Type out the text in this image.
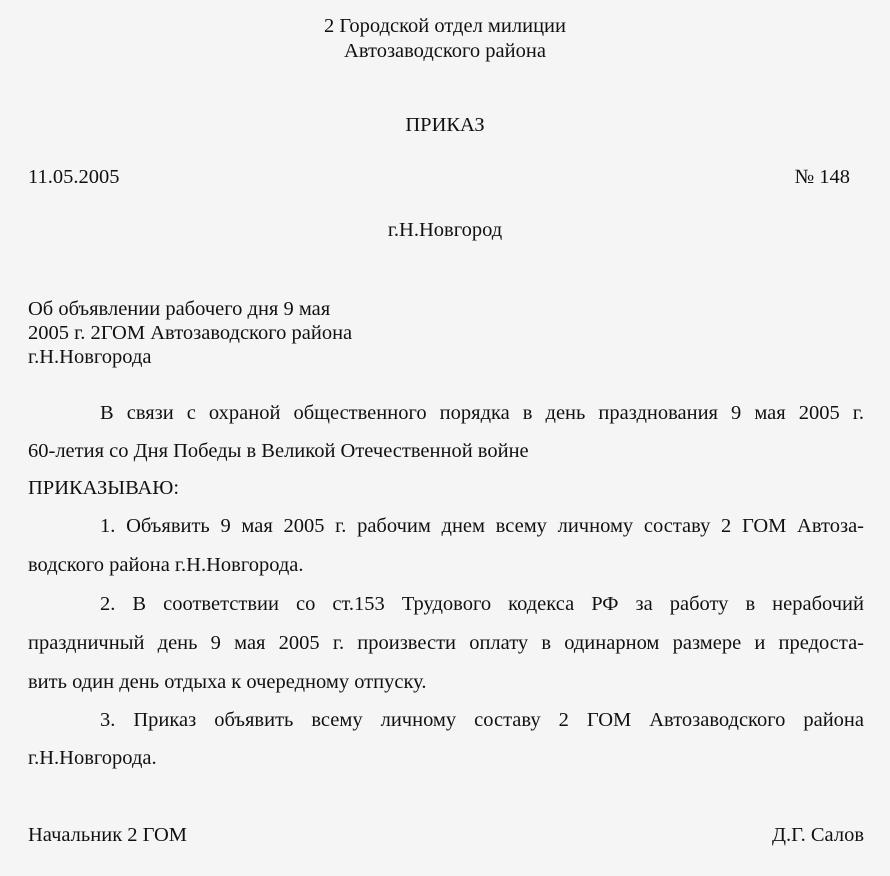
2 Городской отдел милиции
Автозаводского района
ПРИКАЗ
11.05.2005	№ 148
г.Н.Новгород
Об объявлении рабочего дня 9 мая
2005 г. 2ГОМ Автозаводского района
г.Н.Новгорода
В связи с охраной общественного порядка в день празднования 9 мая 2005 г.
60-летия со Дня Победы в Великой Отечественной войне
ПРИКАЗЫВАЮ:
1. Объявить 9 мая 2005 г. рабочим днем всему личному составу 2 ГОМ Автоза-
водского района г.Н.Новгорода.
2. В соответствии со ст.153 Трудового кодекса РФ за работу в нерабочий
праздничный день 9 мая 2005 г. произвести оплату в одинарном размере и предоста-
вить один день отдыха к очередному отпуску.
3. Приказ объявить всему личному составу 2 ГОМ Автозаводского района
г.Н.Новгорода.
Начальник 2 ГОМ	Д.Г. Салов
